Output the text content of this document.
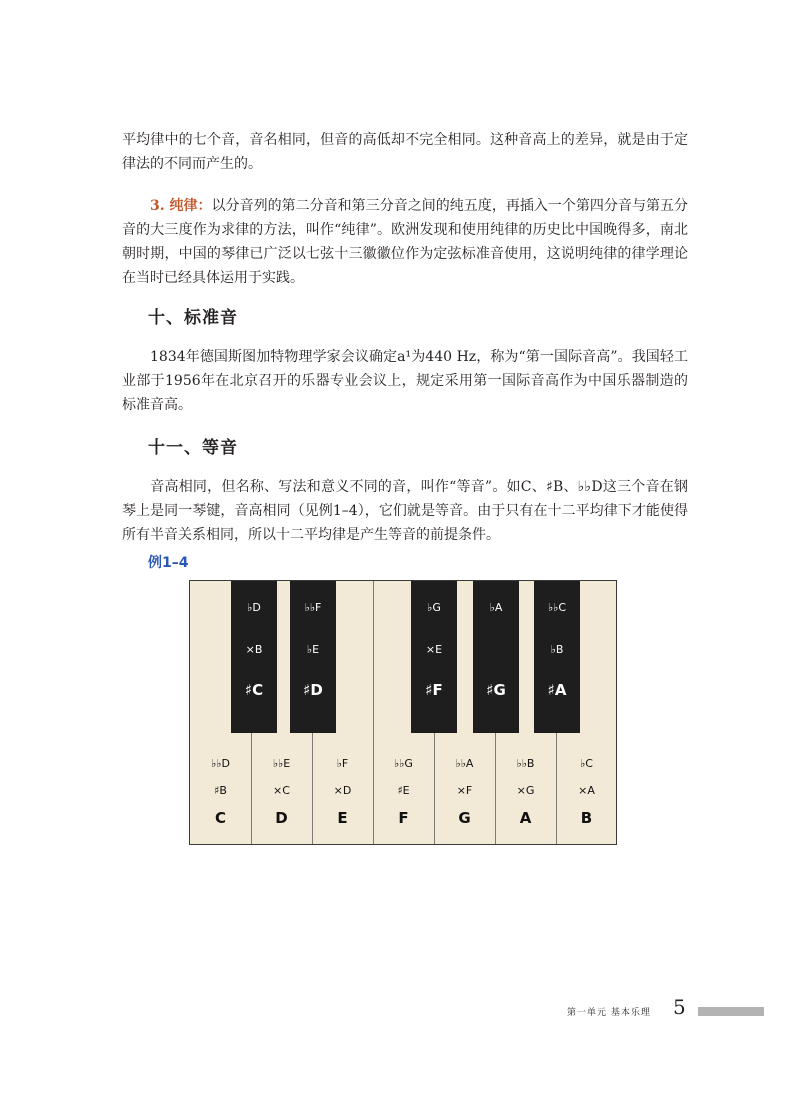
平均律中的七个音，音名相同，但音的高低却不完全相同。这种音高上的差异，就是由于定律法的不同而产生的。

3. 纯律：以分音列的第二分音和第三分音之间的纯五度，再插入一个第四分音与第五分音的大三度作为求律的方法，叫作“纯律”。欧洲发现和使用纯律的历史比中国晚得多，南北朝时期，中国的琴律已广泛以七弦十三徽徽位作为定弦标准音使用，这说明纯律的律学理论在当时已经具体运用于实践。

十、标准音

1834年德国斯图加特物理学家会议确定a¹为440 Hz，称为“第一国际音高”。我国轻工业部于1956年在北京召开的乐器专业会议上，规定采用第一国际音高作为中国乐器制造的标准音高。

十一、等音

音高相同，但名称、写法和意义不同的音，叫作“等音”。如C、♯B、♭♭D这三个音在钢琴上是同一琴键，音高相同（见例1–4），它们就是等音。由于只有在十二平均律下才能使得所有半音关系相同，所以十二平均律是产生等音的前提条件。

例1–4
♭D
×B
♯C
♭♭F
♭E
♯D
♭G
×E
♯F
♭A
♯G
♭♭C
♭B
♯A
♭♭D
♯B
C
♭♭E
×C
D
♭F
×D
E
♭♭G
♯E
F
♭♭A
×F
G
♭♭B
×G
A
♭C
×A
B
第一单元 基本乐理 5
